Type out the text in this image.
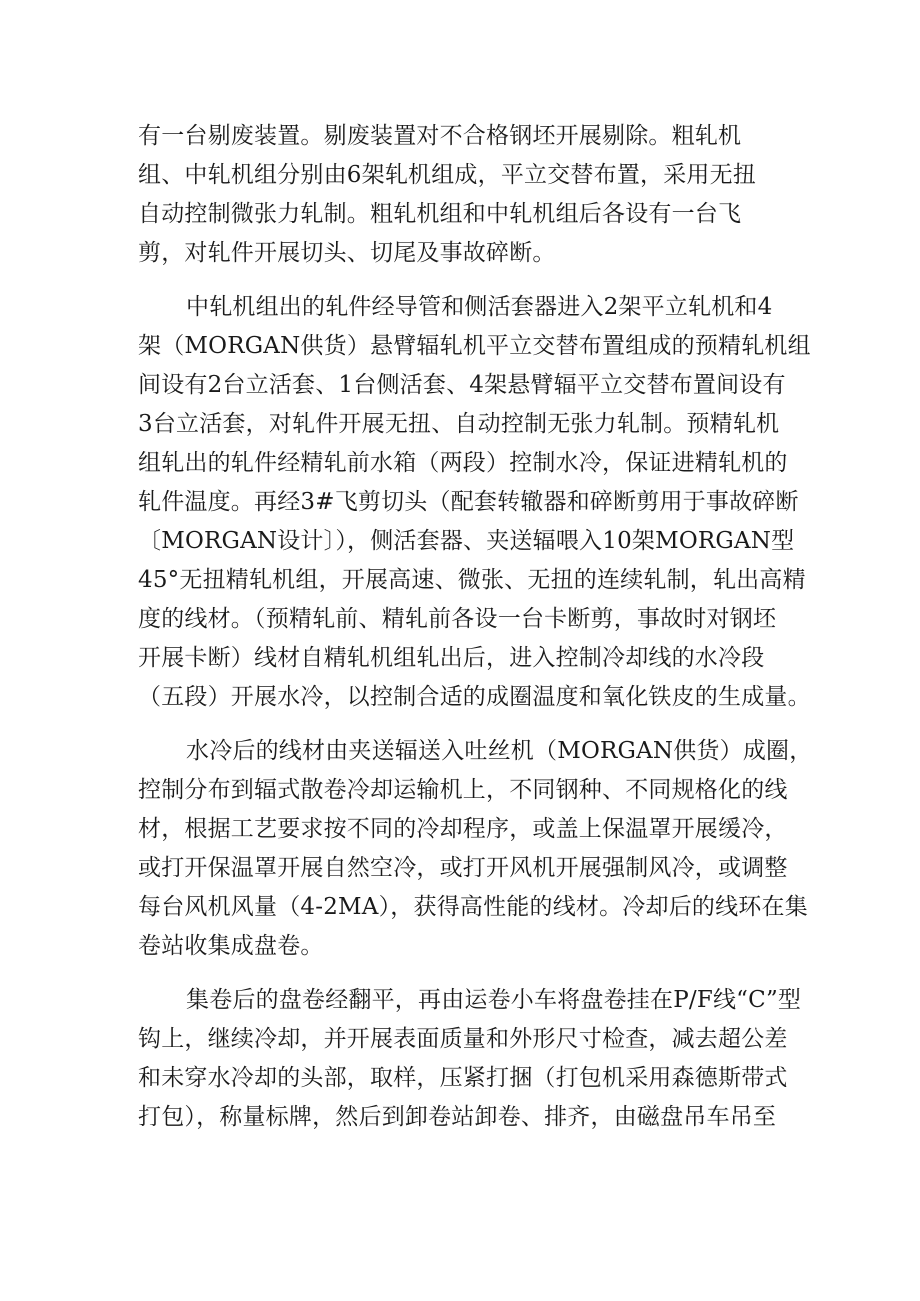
有一台剔废装置。剔废装置对不合格钢坯开展剔除。粗轧机
组、中轧机组分别由6架轧机组成，平立交替布置，采用无扭
自动控制微张力轧制。粗轧机组和中轧机组后各设有一台飞
剪，对轧件开展切头、切尾及事故碎断。
中轧机组出的轧件经导管和侧活套器进入2架平立轧机和4
架（MORGAN供货）悬臂辐轧机平立交替布置组成的预精轧机组
间设有2台立活套、1台侧活套、4架悬臂辐平立交替布置间设有
3台立活套，对轧件开展无扭、自动控制无张力轧制。预精轧机
组轧出的轧件经精轧前水箱（两段）控制水冷，保证进精轧机的
轧件温度。再经3#飞剪切头（配套转辙器和碎断剪用于事故碎断
〔MORGAN设计〕），侧活套器、夹送辐喂入10架MORGAN型
45°无扭精轧机组，开展高速、微张、无扭的连续轧制，轧出高精
度的线材。（预精轧前、精轧前各设一台卡断剪，事故时对钢坯
开展卡断）线材自精轧机组轧出后，进入控制冷却线的水冷段
（五段）开展水冷，以控制合适的成圈温度和氧化铁皮的生成量。
水冷后的线材由夹送辐送入吐丝机（MORGAN供货）成圈，
控制分布到辐式散卷冷却运输机上，不同钢种、不同规格化的线
材，根据工艺要求按不同的冷却程序，或盖上保温罩开展缓冷，
或打开保温罩开展自然空冷，或打开风机开展强制风冷，或调整
每台风机风量（4-2MA），获得高性能的线材。冷却后的线环在集
卷站收集成盘卷。
集卷后的盘卷经翻平，再由运卷小车将盘卷挂在P/F线“C”型
钩上，继续冷却，并开展表面质量和外形尺寸检查，减去超公差
和未穿水冷却的头部，取样，压紧打捆（打包机采用森德斯带式
打包），称量标牌，然后到卸卷站卸卷、排齐，由磁盘吊车吊至
